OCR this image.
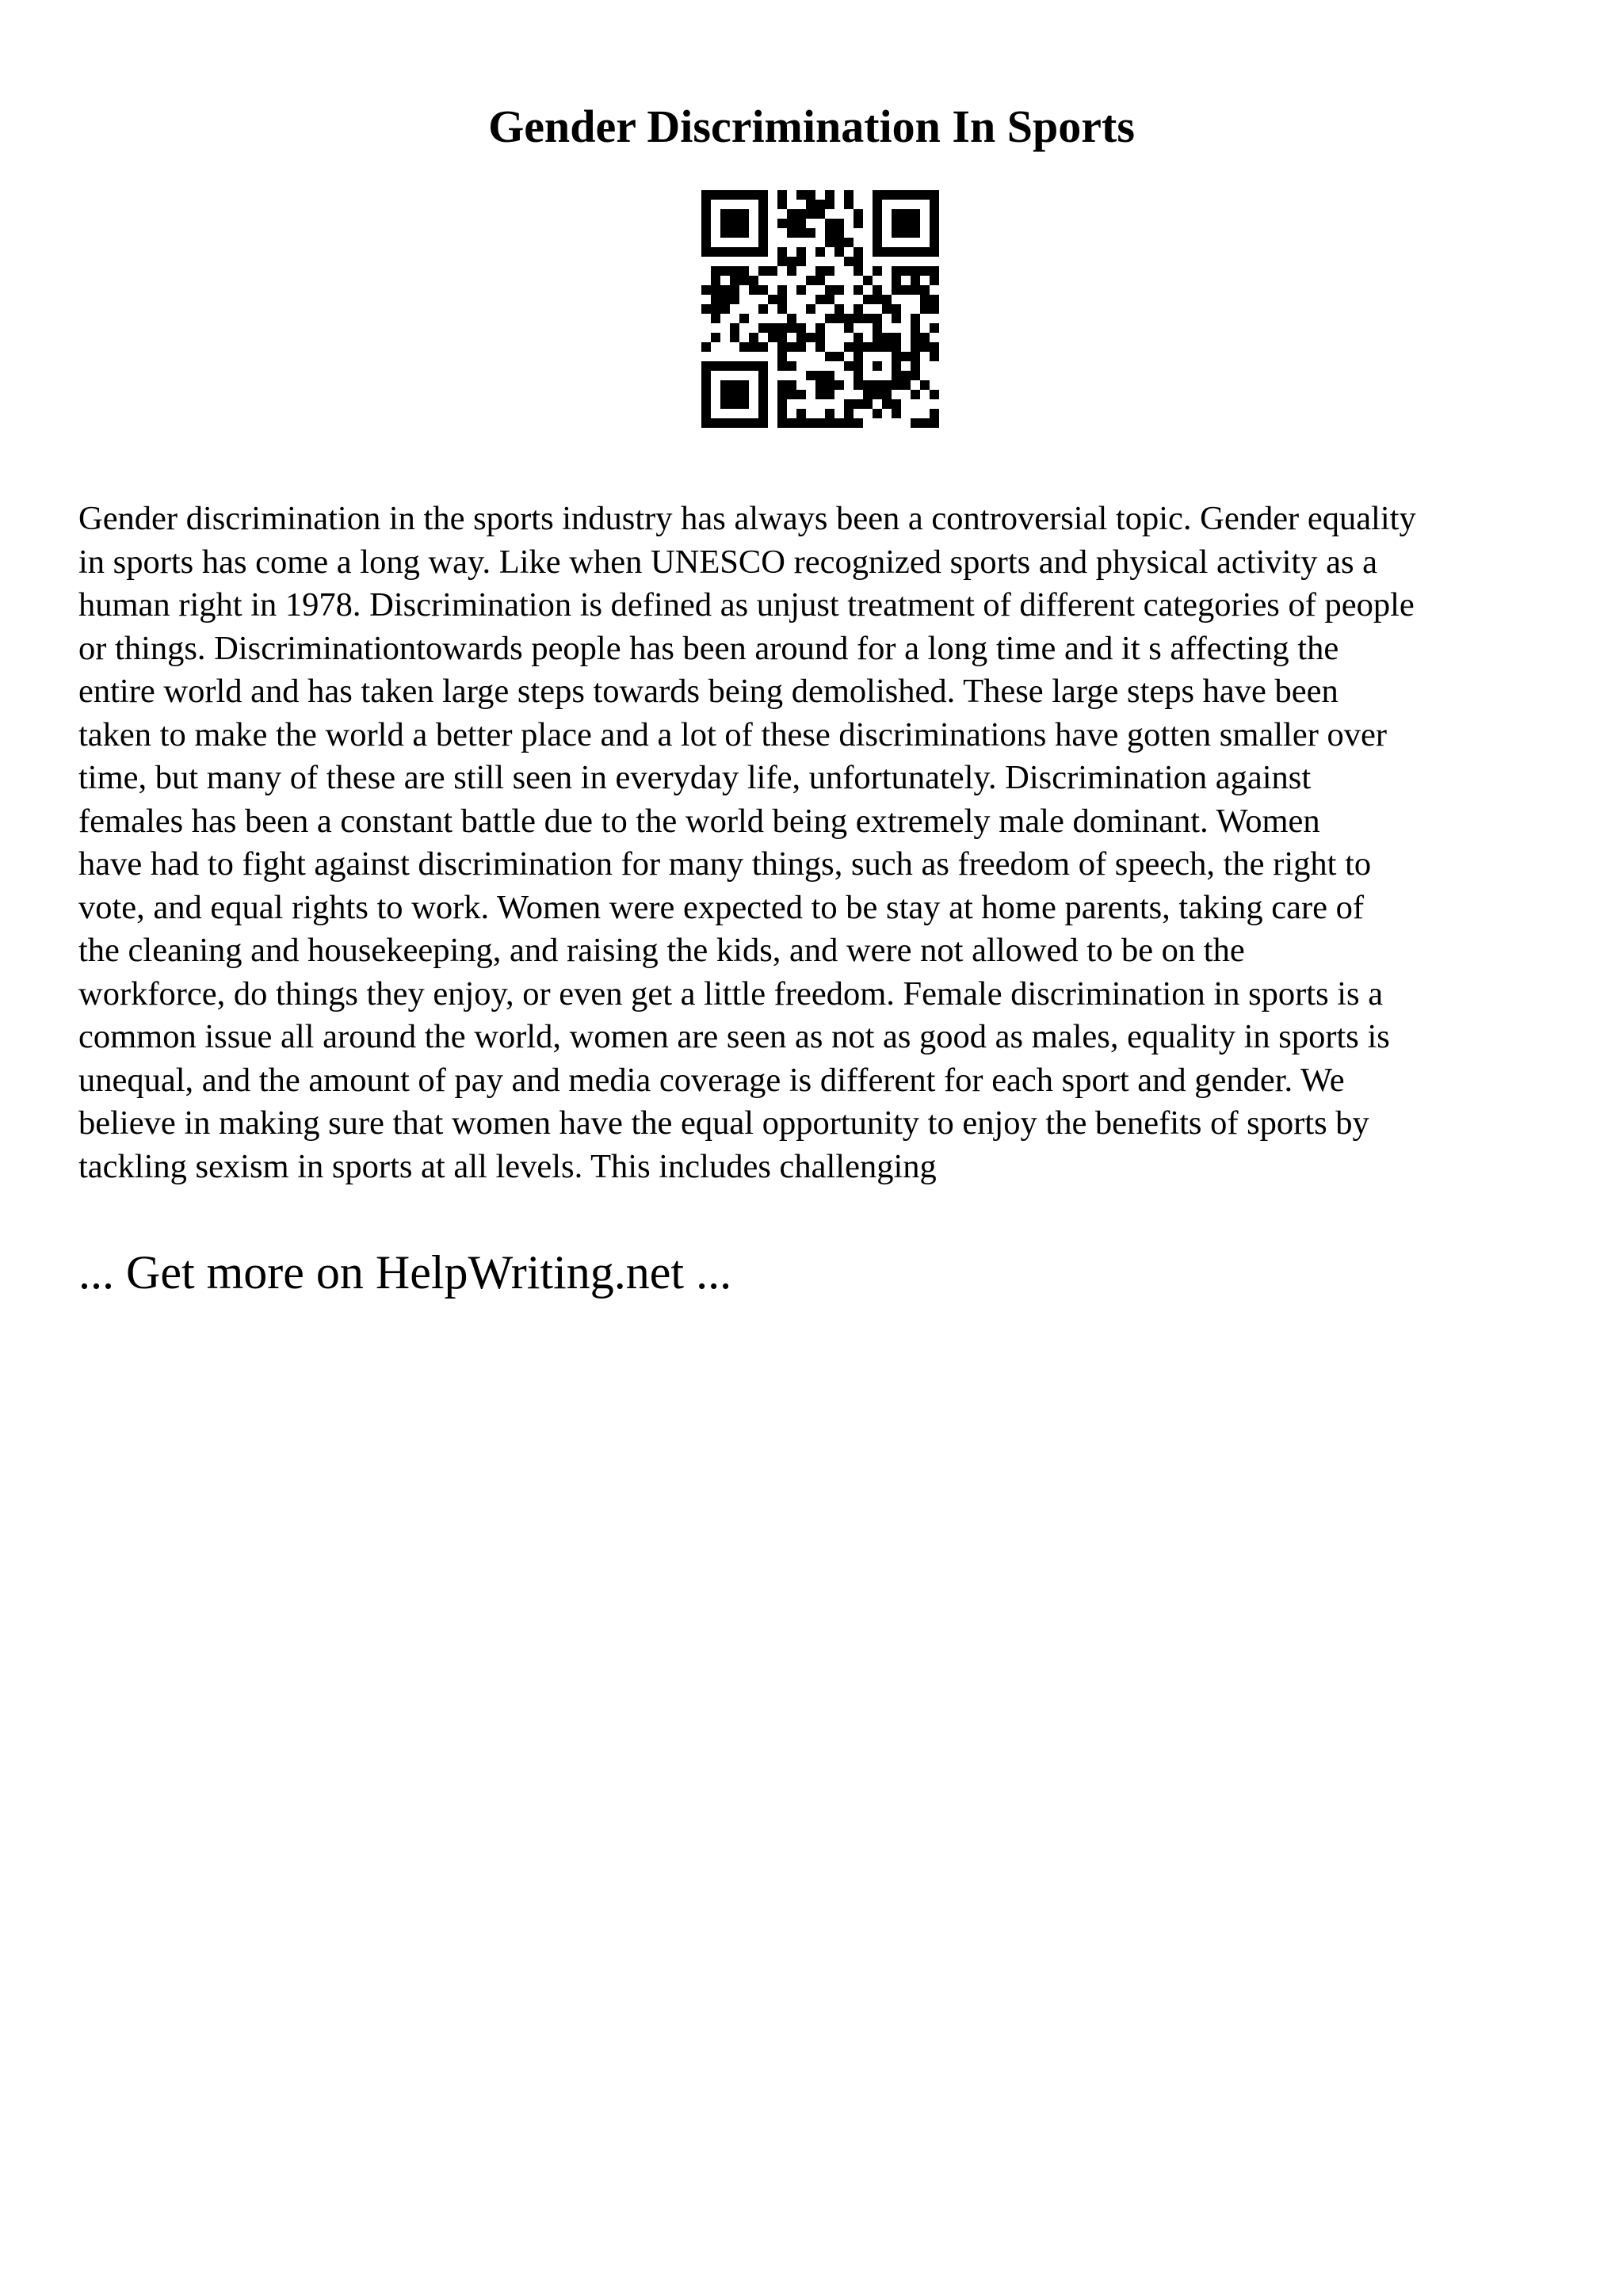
Gender Discrimination In Sports
Gender discrimination in the sports industry has always been a controversial topic. Gender equality
in sports has come a long way. Like when UNESCO recognized sports and physical activity as a
human right in 1978. Discrimination is defined as unjust treatment of different categories of people
or things. Discriminationtowards people has been around for a long time and it s affecting the
entire world and has taken large steps towards being demolished. These large steps have been
taken to make the world a better place and a lot of these discriminations have gotten smaller over
time, but many of these are still seen in everyday life, unfortunately. Discrimination against
females has been a constant battle due to the world being extremely male dominant. Women
have had to fight against discrimination for many things, such as freedom of speech, the right to
vote, and equal rights to work. Women were expected to be stay at home parents, taking care of
the cleaning and housekeeping, and raising the kids, and were not allowed to be on the
workforce, do things they enjoy, or even get a little freedom. Female discrimination in sports is a
common issue all around the world, women are seen as not as good as males, equality in sports is
unequal, and the amount of pay and media coverage is different for each sport and gender. We
believe in making sure that women have the equal opportunity to enjoy the benefits of sports by
tackling sexism in sports at all levels. This includes challenging
... Get more on HelpWriting.net ...
